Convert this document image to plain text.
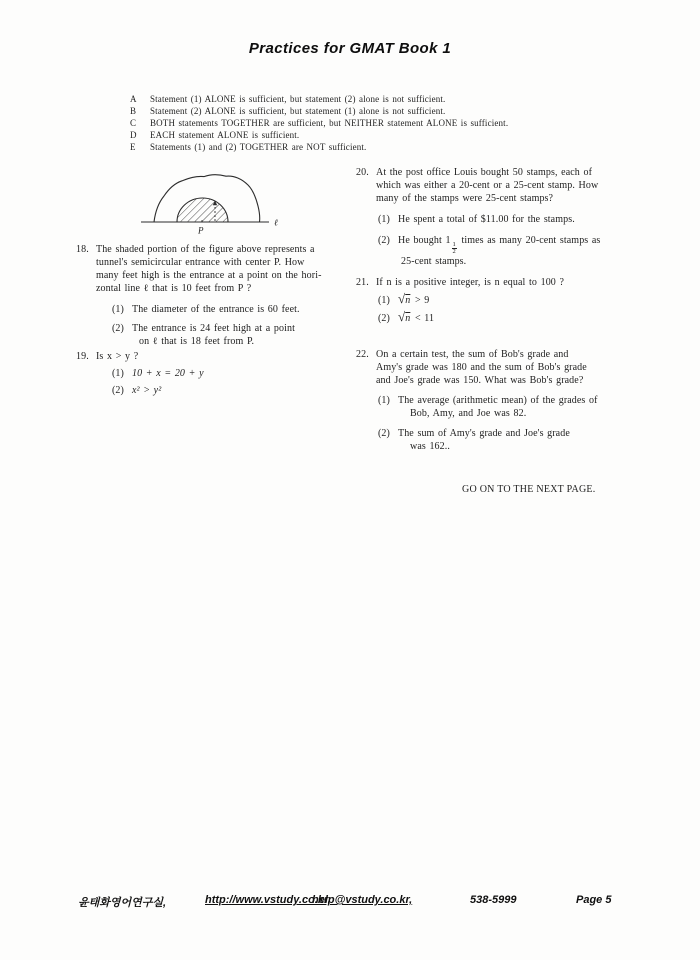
Practices for GMAT Book 1
A	Statement (1) ALONE is sufficient, but statement (2) alone is not sufficient.
B	Statement (2) ALONE is sufficient, but statement (1) alone is not sufficient.
C	BOTH statements TOGETHER are sufficient, but NEITHER statement ALONE is sufficient.
D	EACH statement ALONE is sufficient.
E	Statements (1) and (2) TOGETHER are NOT sufficient.
P
ℓ
18. The shaded portion of the figure above represents a
tunnel's semicircular entrance with center P. How
many feet high is the entrance at a point on the hori-
zontal line ℓ that is 10 feet from P ?
(1) The diameter of the entrance is 60 feet.
(2) The entrance is 24 feet high at a point
on ℓ that is 18 feet from P.
19. Is x > y ?
(1) 10 + x = 20 + y
(2) x² > y²
20. At the post office Louis bought 50 stamps, each of
which was either a 20-cent or a 25-cent stamp. How
many of the stamps were 25-cent stamps?
(1) He spent a total of $11.00 for the stamps.
(2) He bought 1
$\frac{1}{2}$
times as many 20-cent stamps as
25-cent stamps.
21. If n is a positive integer, is n equal to 100 ?
(1) √n > 9
(2) √n < 11
22. On a certain test, the sum of Bob's grade and
Amy's grade was 180 and the sum of Bob's grade
and Joe's grade was 150. What was Bob's grade?
(1) The average (arithmetic mean) of the grades of
Bob, Amy, and Joe was 82.
(2) The sum of Amy's grade and Joe's grade
was 162..
GO ON TO THE NEXT PAGE.
윤태화영어연구실,	http://www.vstudy.co.kr,
help@vstudy.co.kr,	538-5999	Page 5
